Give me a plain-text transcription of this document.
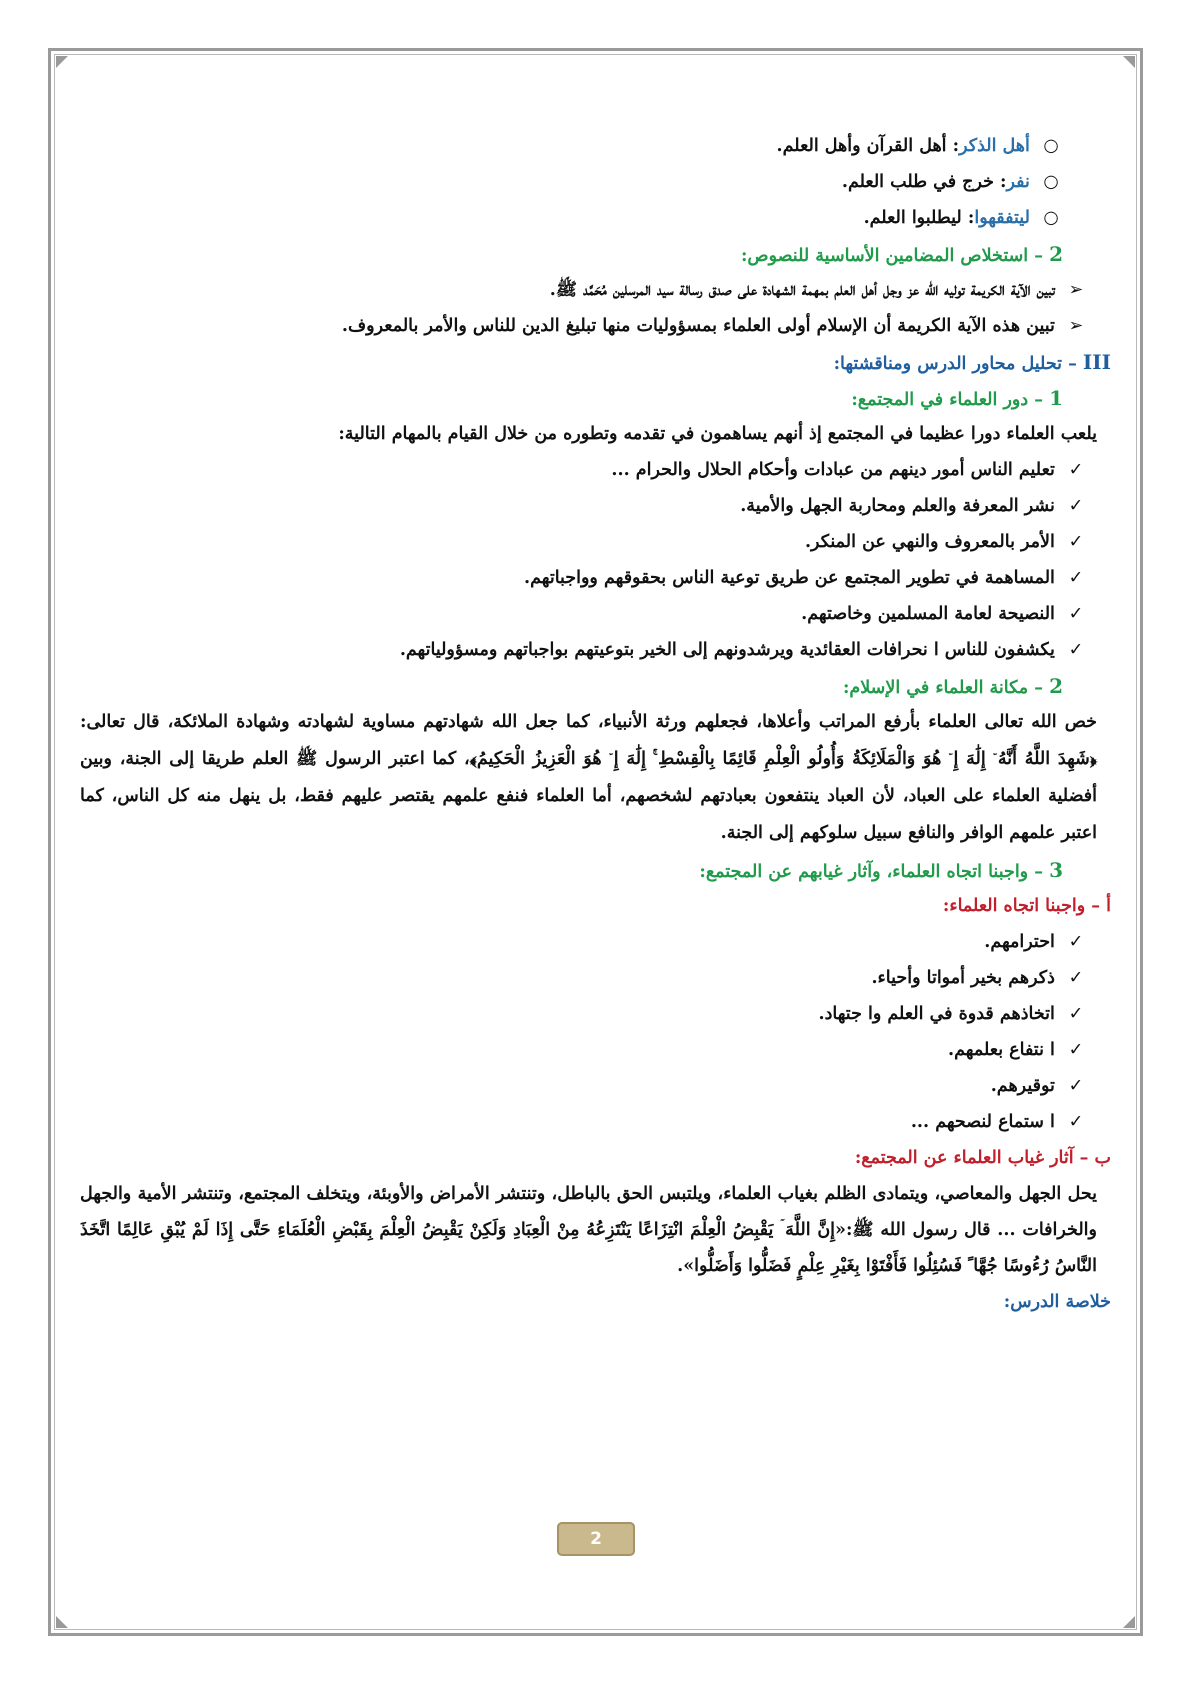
○ أهل الذكر: أهل القرآن وأهل العلم.
○ نفر: خرج في طلب العلم.
○ ليتفقهوا: ليطلبوا العلم.
2 – استخلاص المضامين الأساسية للنصوص:
➢ تبين الآية الكريمة توليه الله عز وجل أهل العلم بمهمة الشهادة على صدق رسالة سيد المرسلين مُحَمَّد ﷺ.
➢ تبين هذه الآية الكريمة أن الإسلام أولى العلماء بمسؤوليات منها تبليغ الدين للناس والأمر بالمعروف.
III – تحليل محاور الدرس ومناقشتها:
1 – دور العلماء في المجتمع:
يلعب العلماء دورا عظيما في المجتمع إذ أنهم يساهمون في تقدمه وتطوره من خلال القيام بالمهام التالية:
✓ تعليم الناس أمور دينهم من عبادات وأحكام الحلال والحرام ...
✓ نشر المعرفة والعلم ومحاربة الجهل والأمية.
✓ الأمر بالمعروف والنهي عن المنكر.
✓ المساهمة في تطوير المجتمع عن طريق توعية الناس بحقوقهم وواجباتهم.
✓ النصيحة لعامة المسلمين وخاصتهم.
✓ يكشفون للناس ا نحرافات العقائدية ويرشدونهم إلى الخير بتوعيتهم بواجباتهم ومسؤولياتهم.
2 – مكانة العلماء في الإسلام:
خص الله تعالى العلماء بأرفع المراتب وأعلاها، فجعلهم ورثة الأنبياء، كما جعل الله شهادتهم مساوية لشهادته وشهادة الملائكة، قال تعالى: ﴿شَهِدَ اللَّهُ أَنَّهُ ۤ إِلَٰهَ إِ ۤ هُوَ وَالْمَلَائِكَةُ وَأُولُو الْعِلْمِ قَائِمًا بِالْقِسْطِ ۚ إِلَٰهَ إِ ۤ هُوَ الْعَزِيزُ الْحَكِيمُ﴾، كما اعتبر الرسول ﷺ العلم طريقا إلى الجنة، وبين أفضلية العلماء على العباد، لأن العباد ينتفعون بعبادتهم لشخصهم، أما العلماء فنفع علمهم يقتصر عليهم فقط، بل ينهل منه كل الناس، كما اعتبر علمهم الوافر والنافع سبيل سلوكهم إلى الجنة.
3 – واجبنا اتجاه العلماء، وآثار غيابهم عن المجتمع:
أ – واجبنا اتجاه العلماء:
✓ احترامهم.
✓ ذكرهم بخير أمواتا وأحياء.
✓ اتخاذهم قدوة في العلم وا جتهاد.
✓ ا نتفاع بعلمهم.
✓ توقيرهم.
✓ ا ستماع لنصحهم ...
ب – آثار غياب العلماء عن المجتمع:
يحل الجهل والمعاصي، ويتمادى الظلم بغياب العلماء، ويلتبس الحق بالباطل، وتنتشر الأمراض والأوبئة، ويتخلف المجتمع، وتنتشر الأمية والجهل والخرافات ... قال رسول الله ﷺ:«إِنَّ اللَّهَ ۤ يَقْبِضُ الْعِلْمَ انْتِزَاعًا يَنْتَزِعُهُ مِنْ الْعِبَادِ وَلَكِنْ يَقْبِضُ الْعِلْمَ بِقَبْضِ الْعُلَمَاءِ حَتَّى إِذَا لَمْ يُبْقِ عَالِمًا اتَّخَذَ النَّاسُ رُءُوسًا جُهَّا ً فَسُئِلُوا فَأَفْتَوْا بِغَيْرِ عِلْمٍ فَضَلُّوا وَأَضَلُّوا».
خلاصة الدرس:
2
